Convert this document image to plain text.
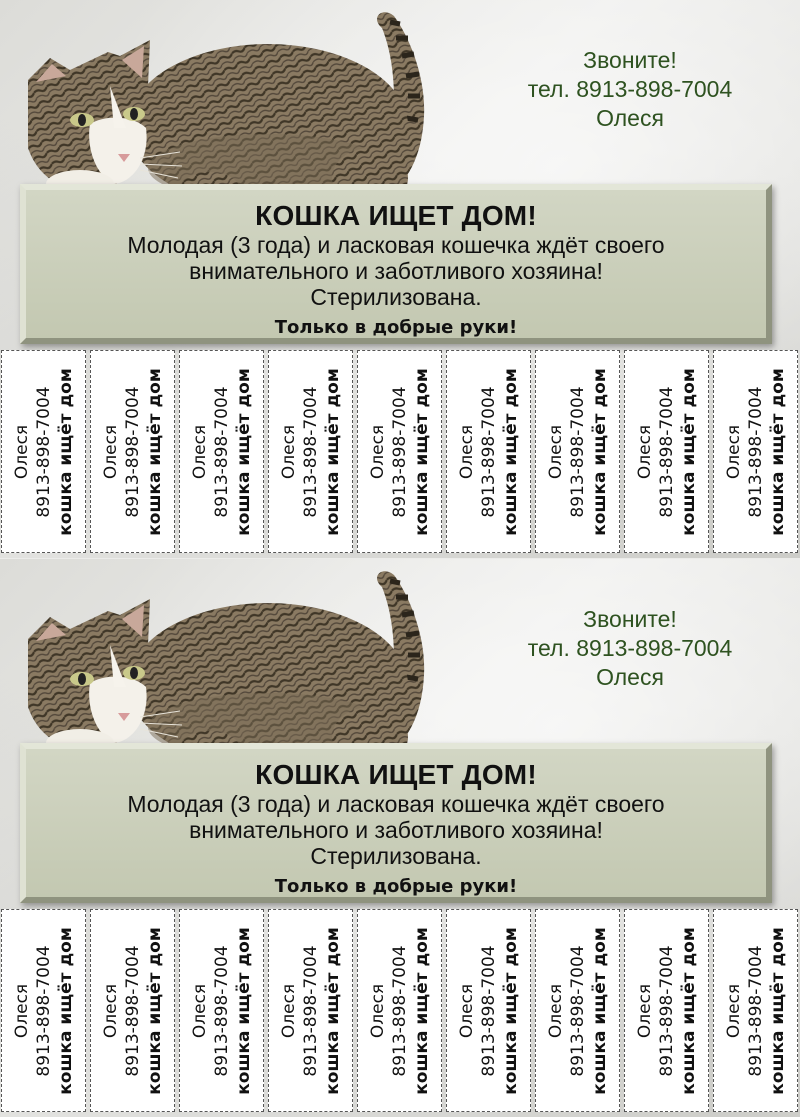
Звоните!
тел. 8913-898-7004
Олеся
КОШКА ИЩЕТ ДОМ!
Молодая (3 года) и ласковая кошечка ждёт своего
внимательного и заботливого хозяина!
Стерилизована.
Только в добрые руки!
Олеся 8913-898-7004 кошка ищёт дом Олеся 8913-898-7004 кошка ищёт дом Олеся 8913-898-7004 кошка ищёт дом Олеся 8913-898-7004 кошка ищёт дом Олеся 8913-898-7004 кошка ищёт дом Олеся 8913-898-7004 кошка ищёт дом Олеся 8913-898-7004 кошка ищёт дом Олеся 8913-898-7004 кошка ищёт дом Олеся 8913-898-7004 кошка ищёт дом
Звоните!
тел. 8913-898-7004
Олеся
КОШКА ИЩЕТ ДОМ!
Молодая (3 года) и ласковая кошечка ждёт своего
внимательного и заботливого хозяина!
Стерилизована.
Только в добрые руки!
Олеся 8913-898-7004 кошка ищёт дом Олеся 8913-898-7004 кошка ищёт дом Олеся 8913-898-7004 кошка ищёт дом Олеся 8913-898-7004 кошка ищёт дом Олеся 8913-898-7004 кошка ищёт дом Олеся 8913-898-7004 кошка ищёт дом Олеся 8913-898-7004 кошка ищёт дом Олеся 8913-898-7004 кошка ищёт дом Олеся 8913-898-7004 кошка ищёт дом
